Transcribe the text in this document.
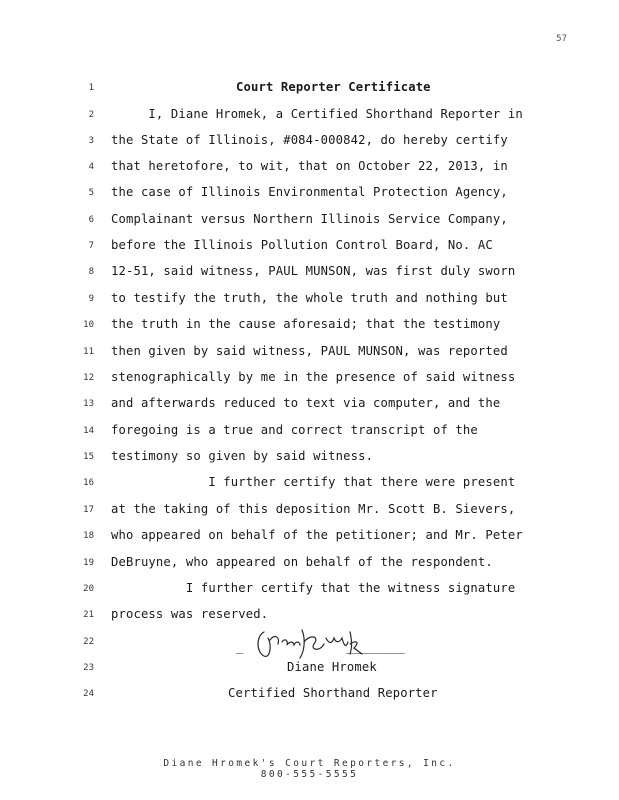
57
1	Court Reporter Certificate
2 I, Diane Hromek, a Certified Shorthand Reporter in
3 the State of Illinois, #084-000842, do hereby certify
4 that heretofore, to wit, that on October 22, 2013, in
5 the case of Illinois Environmental Protection Agency,
6 Complainant versus Northern Illinois Service Company,
7 before the Illinois Pollution Control Board, No. AC
8 12-51, said witness, PAUL MUNSON, was first duly sworn
9 to testify the truth, the whole truth and nothing but
10 the truth in the cause aforesaid; that the testimony
11 then given by said witness, PAUL MUNSON, was reported
12 stenographically by me in the presence of said witness
13 and afterwards reduced to text via computer, and the
14 foregoing is a true and correct transcript of the
15 testimony so given by said witness.
16 I further certify that there were present
17 at the taking of this deposition Mr. Scott B. Sievers,
18 who appeared on behalf of the petitioner; and Mr. Peter
19 DeBruyne, who appeared on behalf of the respondent.
20 I further certify that the witness signature
21 process was reserved.
22
23	Diane Hromek
24	Certified Shorthand Reporter
_              ________
Diane Hromek's Court Reporters, Inc.
800-555-5555
